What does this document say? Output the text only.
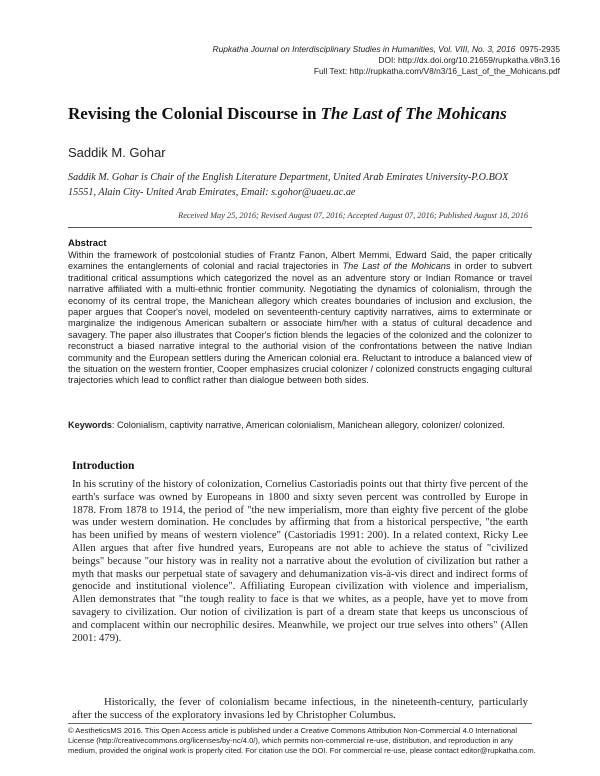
Rupkatha Journal on Interdisciplinary Studies in Humanities, Vol. VIII, No. 3, 2016 0975-2935
DOI: http://dx.doi.org/10.21659/rupkatha.v8n3.16
Full Text: http://rupkatha.com/V8/n3/16_Last_of_the_Mohicans.pdf
Revising the Colonial Discourse in The Last of The Mohicans
Saddik M. Gohar
Saddik M. Gohar is Chair of the English Literature Department, United Arab Emirates University-P.O.BOX 15551, Alain City- United Arab Emirates, Email: s.gohor@uaeu.ac.ae
Received May 25, 2016; Revised August 07, 2016; Accepted August 07, 2016; Published August 18, 2016
Abstract

Within the framework of postcolonial studies of Frantz Fanon, Albert Memmi, Edward Said, the paper critically examines the entanglements of colonial and racial trajectories in The Last of the Mohicans in order to subvert traditional critical assumptions which categorized the novel as an adventure story or Indian Romance or travel narrative affiliated with a multi-ethnic frontier community. Negotiating the dynamics of colonialism, through the economy of its central trope, the Manichean allegory which creates boundaries of inclusion and exclusion, the paper argues that Cooper's novel, modeled on seventeenth-century captivity narratives, aims to exterminate or marginalize the indigenous American subaltern or associate him/her with a status of cultural decadence and savagery. The paper also illustrates that Cooper's fiction blends the legacies of the colonized and the colonizer to reconstruct a biased narrative integral to the authorial vision of the confrontations between the native Indian community and the European settlers during the American colonial era. Reluctant to introduce a balanced view of the situation on the western frontier, Cooper emphasizes crucial colonizer / colonized constructs engaging cultural trajectories which lead to conflict rather than dialogue between both sides.

Keywords: Colonialism, captivity narrative, American colonialism, Manichean allegory, colonizer/ colonized.

Introduction

In his scrutiny of the history of colonization, Cornelius Castoriadis points out that thirty five percent of the earth's surface was owned by Europeans in 1800 and sixty seven percent was controlled by Europe in 1878. From 1878 to 1914, the period of "the new imperialism, more than eighty five percent of the globe was under western domination. He concludes by affirming that from a historical perspective, "the earth has been unified by means of western violence" (Castoriadis 1991: 200). In a related context, Ricky Lee Allen argues that after five hundred years, Europeans are not able to achieve the status of "civilized beings" because "our history was in reality not a narrative about the evolution of civilization but rather a myth that masks our perpetual state of savagery and dehumanization vis-à-vis direct and indirect forms of genocide and institutional violence". Affiliating European civilization with violence and imperialism, Allen demonstrates that "the tough reality to face is that we whites, as a people, have yet to move from savagery to civilization. Our notion of civilization is part of a dream state that keeps us unconscious of and complacent within our necrophilic desires. Meanwhile, we project our true selves into others" (Allen 2001: 479).

Historically, the fever of colonialism became infectious, in the nineteenth-century, particularly after the success of the exploratory invasions led by Christopher Columbus.

© AestheticsMS 2016. This Open Access article is published under a Creative Commons Attribution Non-Commercial 4.0 International License (http://creativecommons.org/licenses/by-nc/4.0/), which permits non-commercial re-use, distribution, and reproduction in any medium, provided the original work is properly cited. For citation use the DOI. For commercial re-use, please contact editor@rupkatha.com.
